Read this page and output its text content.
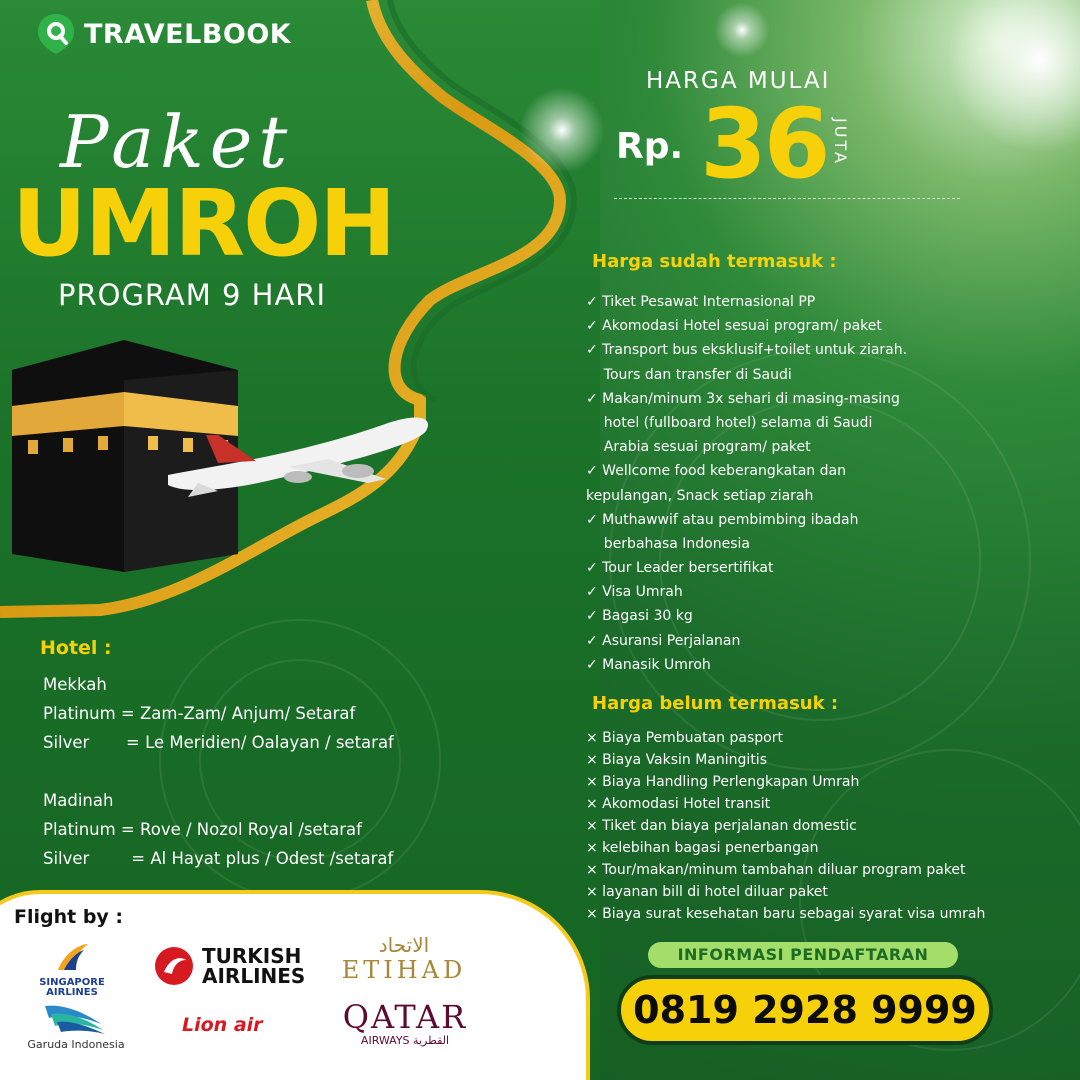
TRAVELBOOK
Paket
UMROH
PROGRAM 9 HARI
HARGA MULAI
Rp. 36 JUTA
Harga sudah termasuk :
✓ Tiket Pesawat Internasional PP
✓ Akomodasi Hotel sesuai program/ paket
✓ Transport bus eksklusif+toilet untuk ziarah.
Tours dan transfer di Saudi
✓ Makan/minum 3x sehari di masing-masing
hotel (fullboard hotel) selama di Saudi
Arabia sesuai program/ paket
✓ Wellcome food keberangkatan dan
kepulangan, Snack setiap ziarah
✓ Muthawwif atau pembimbing ibadah
berbahasa Indonesia
✓ Tour Leader bersertifikat
✓ Visa Umrah
✓ Bagasi 30 kg
✓ Asuransi Perjalanan
✓ Manasik Umroh
Harga belum termasuk :
× Biaya Pembuatan pasport
× Biaya Vaksin Maningitis
× Biaya Handling Perlengkapan Umrah
× Akomodasi Hotel transit
× Tiket dan biaya perjalanan domestic
× kelebihan bagasi penerbangan
× Tour/makan/minum tambahan diluar program paket
× layanan bill di hotel diluar paket
× Biaya surat kesehatan baru sebagai syarat visa umrah
Hotel :
Mekkah
Platinum = Zam-Zam/ Anjum/ Setaraf
Silver       = Le Meridien/ Oalayan / setaraf
Madinah
Platinum = Rove / Nozol Royal /setaraf
Silver        = Al Hayat plus / Odest /setaraf
Flight by :
SINGAPORE
AIRLINES
TURKISH
AIRLINES
الاتحاد
ETIHAD
Garuda Indonesia
Lion air	QATAR
AIRWAYS القطرية
INFORMASI PENDAFTARAN
0819 2928 9999
